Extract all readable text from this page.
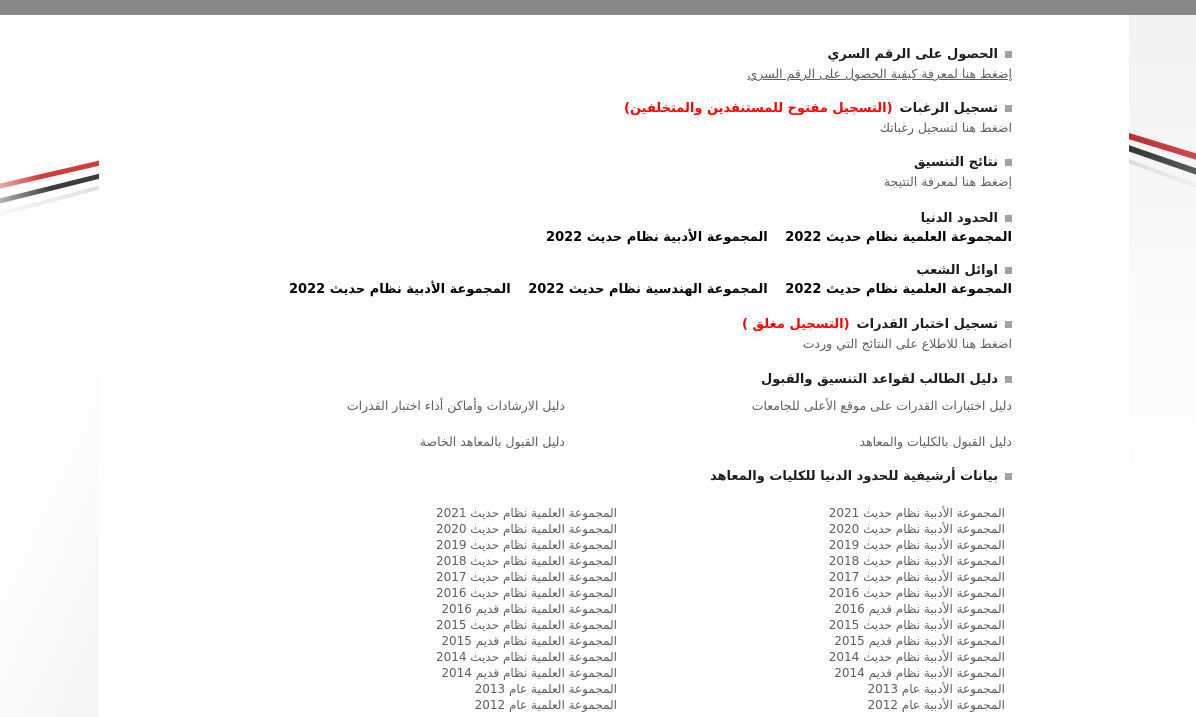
الحصول على الرقم السري
إضغط هنا لمعرفة كيفية الحصول على الرقم السري
تسجيل الرغبات(التسجيل مفتوح للمستنفدين والمتخلفين)
اضغط هنا لتسجيل رغباتك
نتائج التنسيق
إضغط هنا لمعرفة النتيجة
الحدود الدنيا
المجموعة العلمية نظام حديث 2022 المجموعة الأدبية نظام حديث 2022
اوائل الشعب
المجموعة العلمية نظام حديث 2022 المجموعة الهندسية نظام حديث 2022 المجموعة الأدبية نظام حديث 2022
تسجيل اختبار القدرات(التسجيل مغلق )
اضغط هنا للاطلاع على النتائج التي وردت
دليل الطالب لقواعد التنسيق والقبول
دليل اختبارات القدرات على موقع الأعلى للجامعات
دليل الارشادات وأماكن أداء اختبار القدرات
دليل القبول بالكليات والمعاهد
دليل القبول بالمعاهد الخاصة
بيانات أرشيفية للحدود الدنيا للكليات والمعاهد
المجموعة الأدبية نظام حديث 2021
المجموعة العلمية نظام حديث 2021
المجموعة الأدبية نظام حديث 2020
المجموعة العلمية نظام حديث 2020
المجموعة الأدبية نظام حديث 2019
المجموعة العلمية نظام حديث 2019
المجموعة الأدبية نظام حديث 2018
المجموعة العلمية نظام حديث 2018
المجموعة الأدبية نظام حديث 2017
المجموعة العلمية نظام حديث 2017
المجموعة الأدبية نظام حديث 2016
المجموعة العلمية نظام حديث 2016
المجموعة الأدبية نظام قديم 2016
المجموعة العلمية نظام قديم 2016
المجموعة الأدبية نظام حديث 2015
المجموعة العلمية نظام حديث 2015
المجموعة الأدبية نظام قديم 2015
المجموعة العلمية نظام قديم 2015
المجموعة الأدبية نظام حديث 2014
المجموعة العلمية نظام حديث 2014
المجموعة الأدبية نظام قديم 2014
المجموعة العلمية نظام قديم 2014
المجموعة الأدبية عام 2013
المجموعة العلمية عام 2013
المجموعة الأدبية عام 2012
المجموعة العلمية عام 2012
